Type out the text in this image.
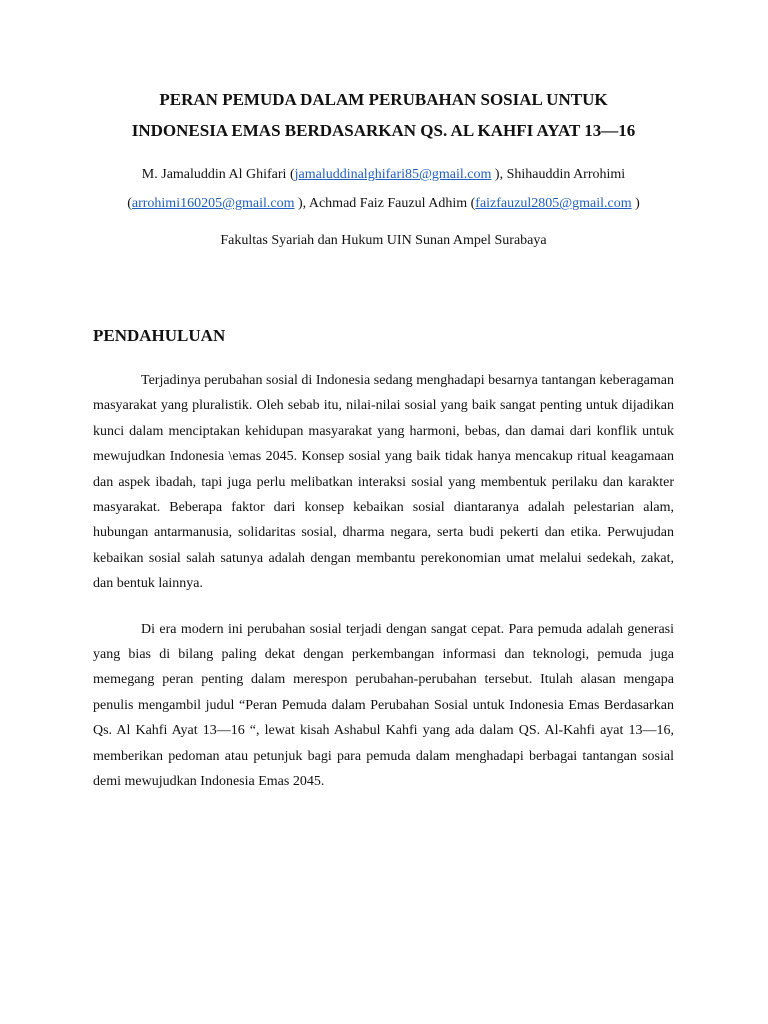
PERAN PEMUDA DALAM PERUBAHAN SOSIAL UNTUK
INDONESIA EMAS BERDASARKAN QS. AL KAHFI AYAT 13—16

M. Jamaluddin Al Ghifari (jamaluddinalghifari85@gmail.com ), Shihauddin Arrohimi (arrohimi160205@gmail.com ), Achmad Faiz Fauzul Adhim (faizfauzul2805@gmail.com )

Fakultas Syariah dan Hukum UIN Sunan Ampel Surabaya

PENDAHULUAN

Terjadinya perubahan sosial di Indonesia sedang menghadapi besarnya tantangan keberagaman masyarakat yang pluralistik. Oleh sebab itu, nilai-nilai sosial yang baik sangat penting untuk dijadikan kunci dalam menciptakan kehidupan masyarakat yang harmoni, bebas, dan damai dari konflik untuk mewujudkan Indonesia \emas 2045. Konsep sosial yang baik tidak hanya mencakup ritual keagamaan dan aspek ibadah, tapi juga perlu melibatkan interaksi sosial yang membentuk perilaku dan karakter masyarakat. Beberapa faktor dari konsep kebaikan sosial diantaranya adalah pelestarian alam, hubungan antarmanusia, solidaritas sosial, dharma negara, serta budi pekerti dan etika. Perwujudan kebaikan sosial salah satunya adalah dengan membantu perekonomian umat melalui sedekah, zakat, dan bentuk lainnya.

Di era modern ini perubahan sosial terjadi dengan sangat cepat. Para pemuda adalah generasi yang bias di bilang paling dekat dengan perkembangan informasi dan teknologi, pemuda juga memegang peran penting dalam merespon perubahan-perubahan tersebut. Itulah alasan mengapa penulis mengambil judul “Peran Pemuda dalam Perubahan Sosial untuk Indonesia Emas Berdasarkan Qs. Al Kahfi Ayat 13—16 “, lewat kisah Ashabul Kahfi yang ada dalam QS. Al-Kahfi ayat 13—16, memberikan pedoman atau petunjuk bagi para pemuda dalam menghadapi berbagai tantangan sosial demi mewujudkan Indonesia Emas 2045.
